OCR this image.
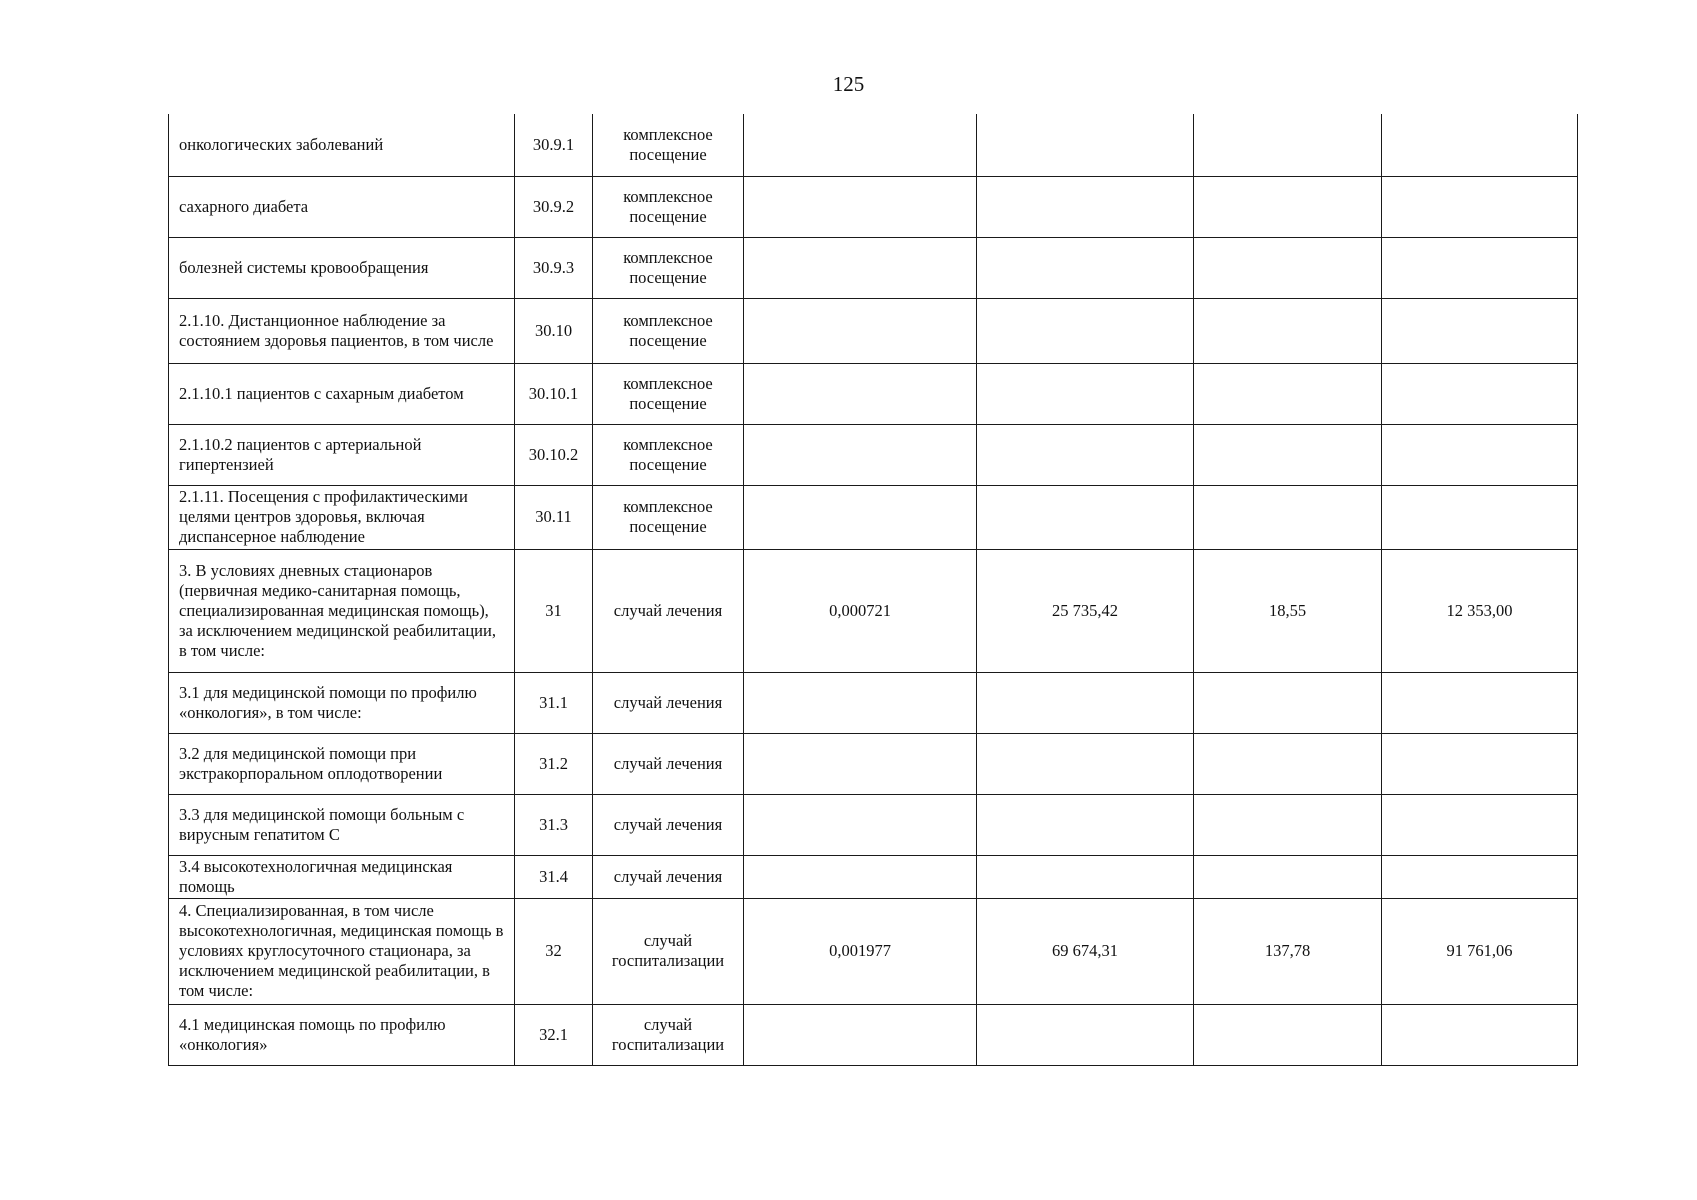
125
онкологических заболеваний	30.9.1	комплексное посещение				
сахарного диабета	30.9.2	комплексное посещение				
болезней системы кровообращения	30.9.3	комплексное посещение				
2.1.10. Дистанционное наблюдение за состоянием здоровья пациентов, в том числе	30.10	комплексное посещение				
2.1.10.1 пациентов с сахарным диабетом	30.10.1	комплексное посещение				
2.1.10.2 пациентов с артериальной гипертензией	30.10.2	комплексное посещение				
2.1.11. Посещения с профилактическими целями центров здоровья, включая диспансерное наблюдение	30.11	комплексное посещение				
3. В условиях дневных стационаров (первичная медико-санитарная помощь, специализированная медицинская помощь), за исключением медицинской реабилитации, в том числе:	31	случай лечения	0,000721	25 735,42	18,55	12 353,00
3.1 для медицинской помощи по профилю «онкология», в том числе:	31.1	случай лечения				
3.2 для медицинской помощи при экстракорпоральном оплодотворении	31.2	случай лечения				
3.3 для медицинской помощи больным с вирусным гепатитом С	31.3	случай лечения				
3.4 высокотехнологичная медицинская помощь	31.4	случай лечения				
4. Специализированная, в том числе высокотехнологичная, медицинская помощь в условиях круглосуточного стационара, за исключением медицинской реабилитации, в том числе:	32	случай госпитализации	0,001977	69 674,31	137,78	91 761,06
4.1 медицинская помощь по профилю «онкология»	32.1	случай госпитализации				
